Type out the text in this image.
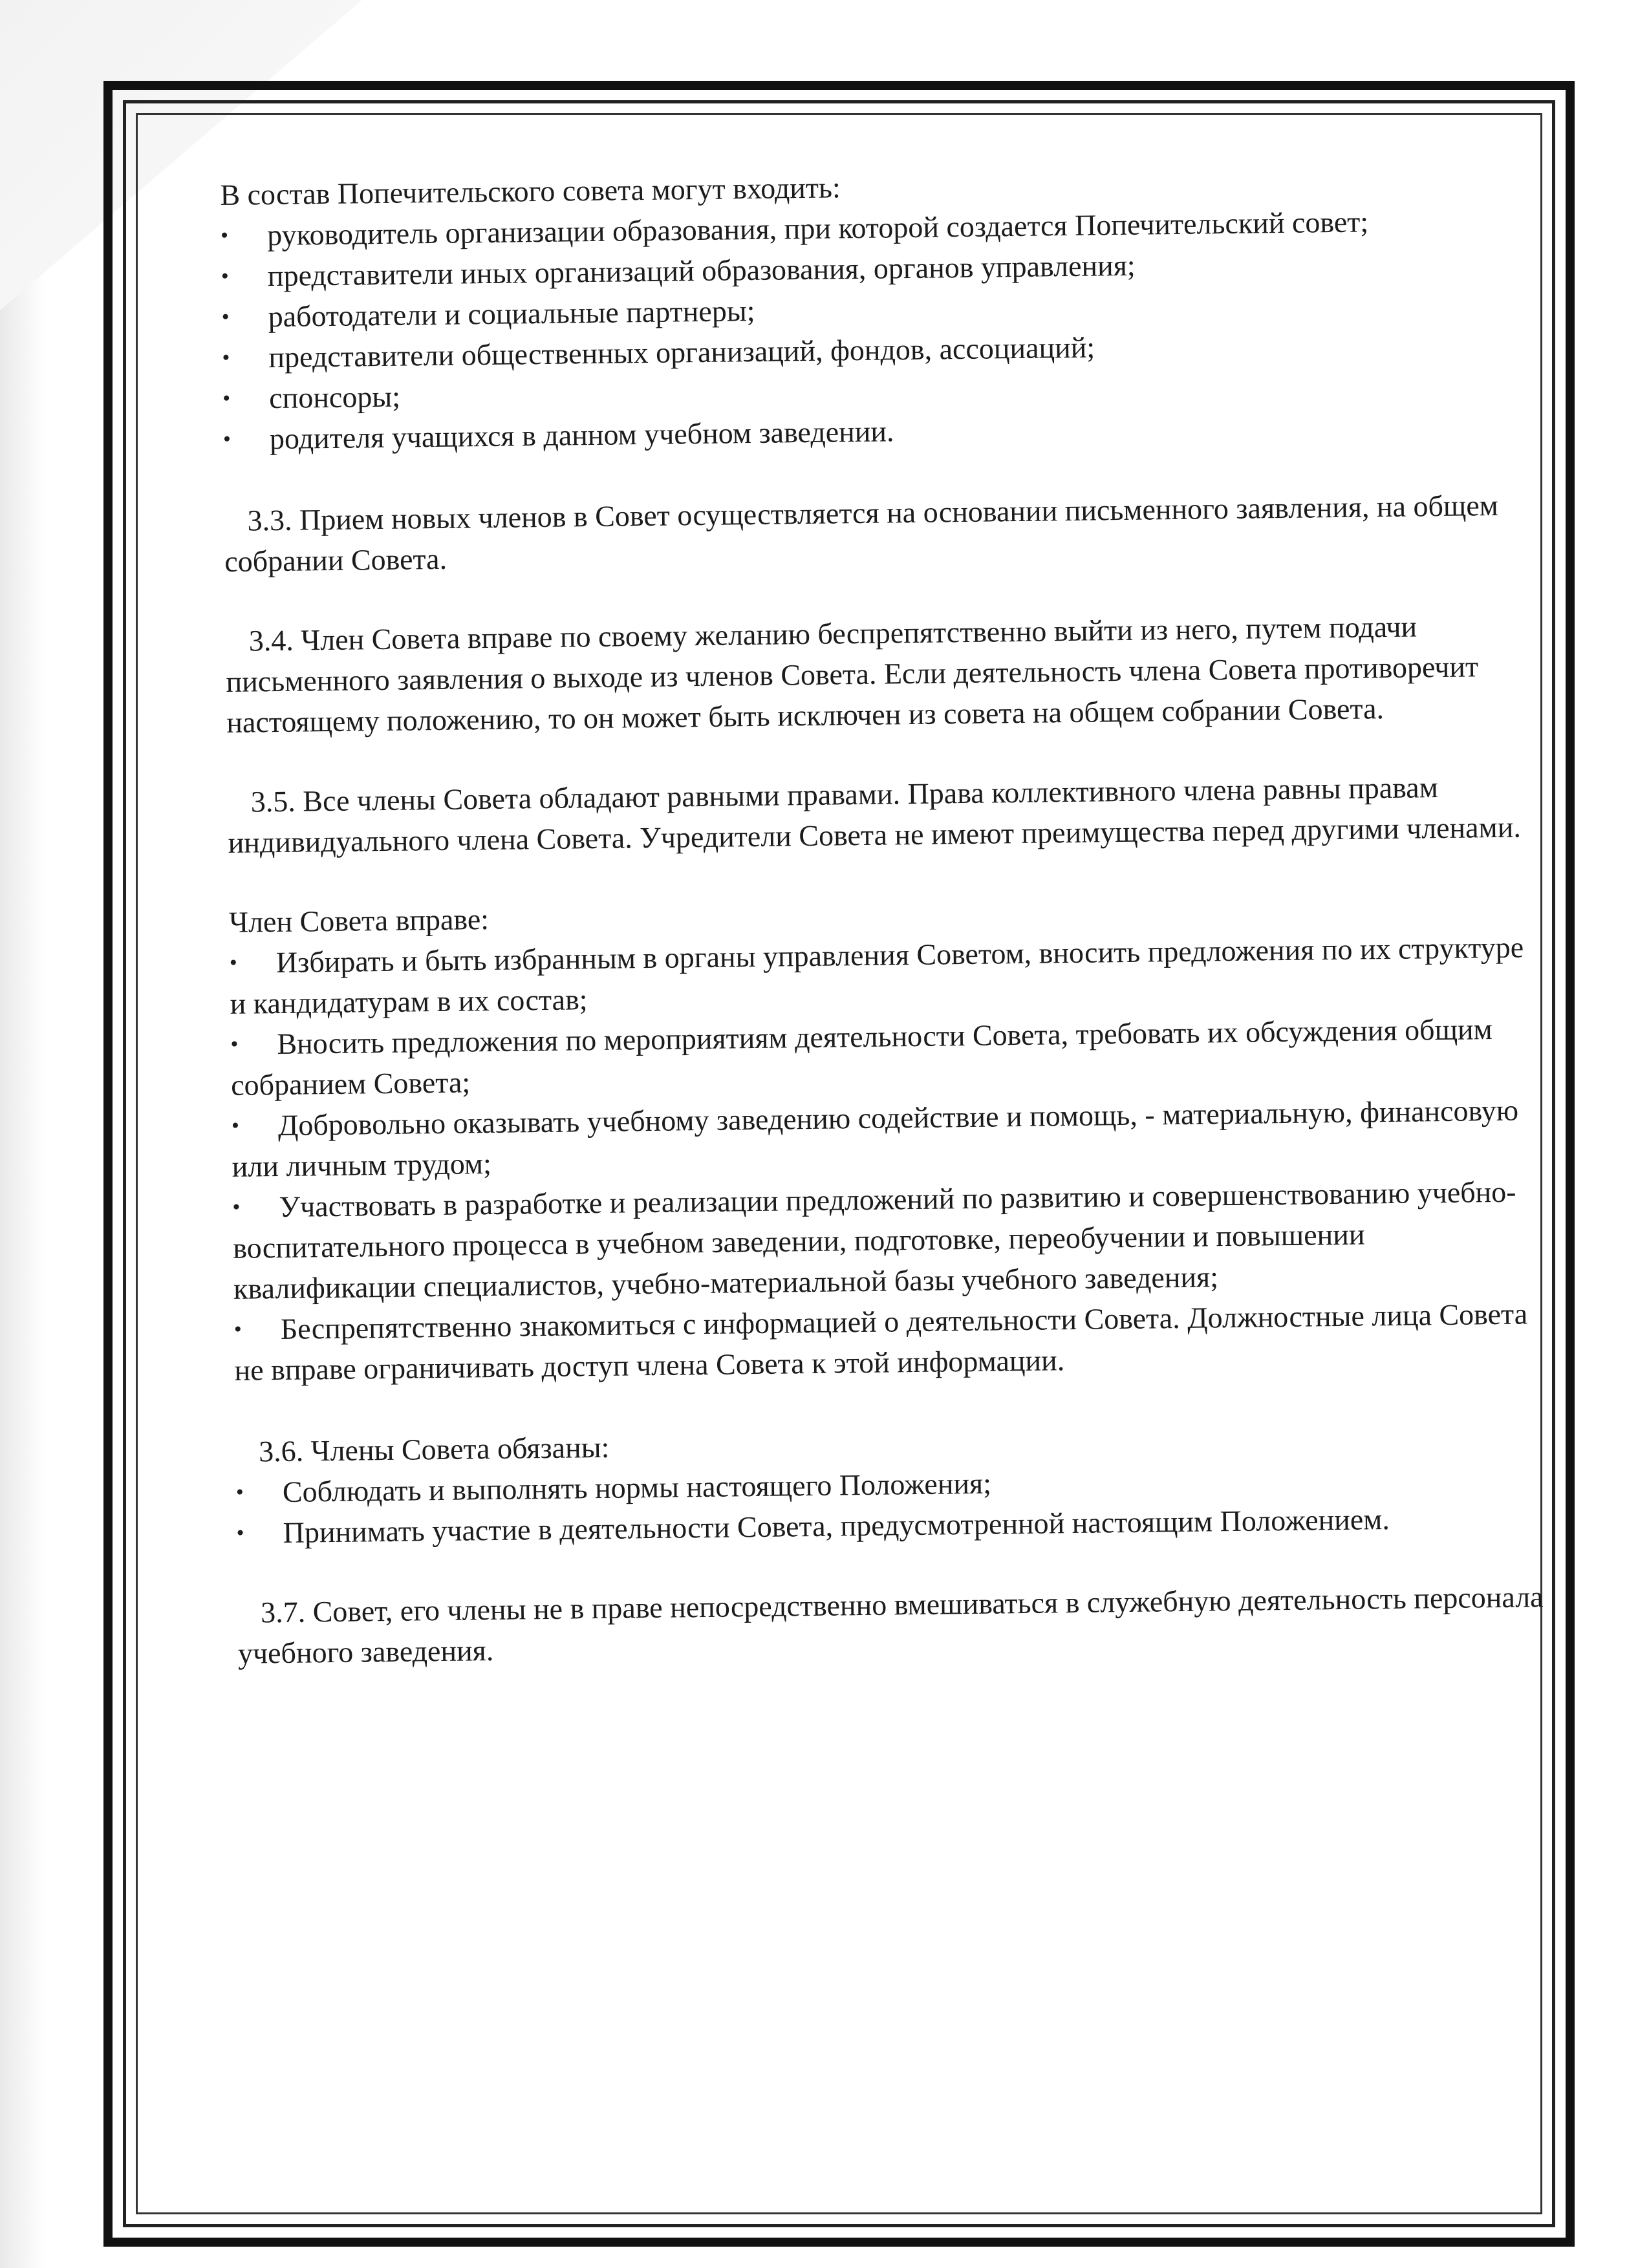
В состав Попечительского совета могут входить:

• руководитель организации образования, при которой создается Попечительский совет;
• представители иных организаций образования, органов управления;
• работодатели и социальные партнеры;
• представители общественных организаций, фондов, ассоциаций;
• спонсоры;
• родителя учащихся в данном учебном заведении.

3.3. Прием новых членов в Совет осуществляется на основании письменного заявления, на общем собрании Совета.

3.4. Член Совета вправе по своему желанию беспрепятственно выйти из него, путем подачи письменного заявления о выходе из членов Совета. Если деятельность члена Совета противоречит настоящему положению, то он может быть исключен из совета на общем собрании Совета.

3.5. Все члены Совета обладают равными правами. Права коллективного члена равны правам индивидуального члена Совета. Учредители Совета не имеют преимущества перед другими членами.

Член Совета вправе:

• Избирать и быть избранным в органы управления Советом, вносить предложения по их структуре и кандидатурам в их состав;
• Вносить предложения по мероприятиям деятельности Совета, требовать их обсуждения общим собранием Совета;
• Добровольно оказывать учебному заведению содействие и помощь, - материальную, финансовую или личным трудом;
• Участвовать в разработке и реализации предложений по развитию и совершенствованию учебно-воспитательного процесса в учебном заведении, подготовке, переобучении и повышении квалификации специалистов, учебно-материальной базы учебного заведения;
• Беспрепятственно знакомиться с информацией о деятельности Совета. Должностные лица Совета не вправе ограничивать доступ члена Совета к этой информации.

3.6. Члены Совета обязаны:

• Соблюдать и выполнять нормы настоящего Положения;
• Принимать участие в деятельности Совета, предусмотренной настоящим Положением.

3.7. Совет, его члены не в праве непосредственно вмешиваться в служебную деятельность персонала учебного заведения.
